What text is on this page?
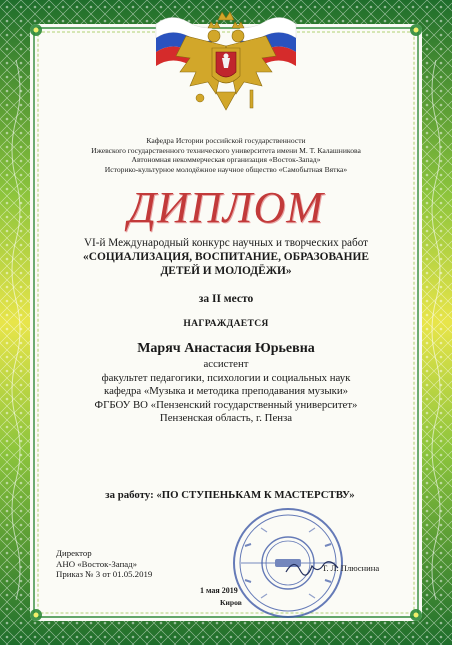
Кафедра Истории российской государственности
Ижевского государственного технического университета имени М. Т. Калашникова
Автономная некоммерческая организация «Восток-Запад»
Историко-культурное молодёжное научное общество «Самобытная Вятка»
ДИПЛОМ
VI-й Международный конкурс научных и творческих работ
«СОЦИАЛИЗАЦИЯ, ВОСПИТАНИЕ, ОБРАЗОВАНИЕ
ДЕТЕЙ И МОЛОДЁЖИ»
за II место
НАГРАЖДАЕТСЯ
Маряч Анастасия Юрьевна
ассистент
факультет педагогики, психологии и социальных наук
кафедра «Музыка и методика преподавания музыки»
ФГБОУ ВО «Пензенский государственный университет»
Пензенская область, г. Пенза
за работу: «ПО СТУПЕНЬКАМ К МАСТЕРСТВУ»
Директор
АНО «Восток-Запад»
Приказ № 3 от 01.05.2019
Т. Л. Плюснина
1 мая 2019
Киров
